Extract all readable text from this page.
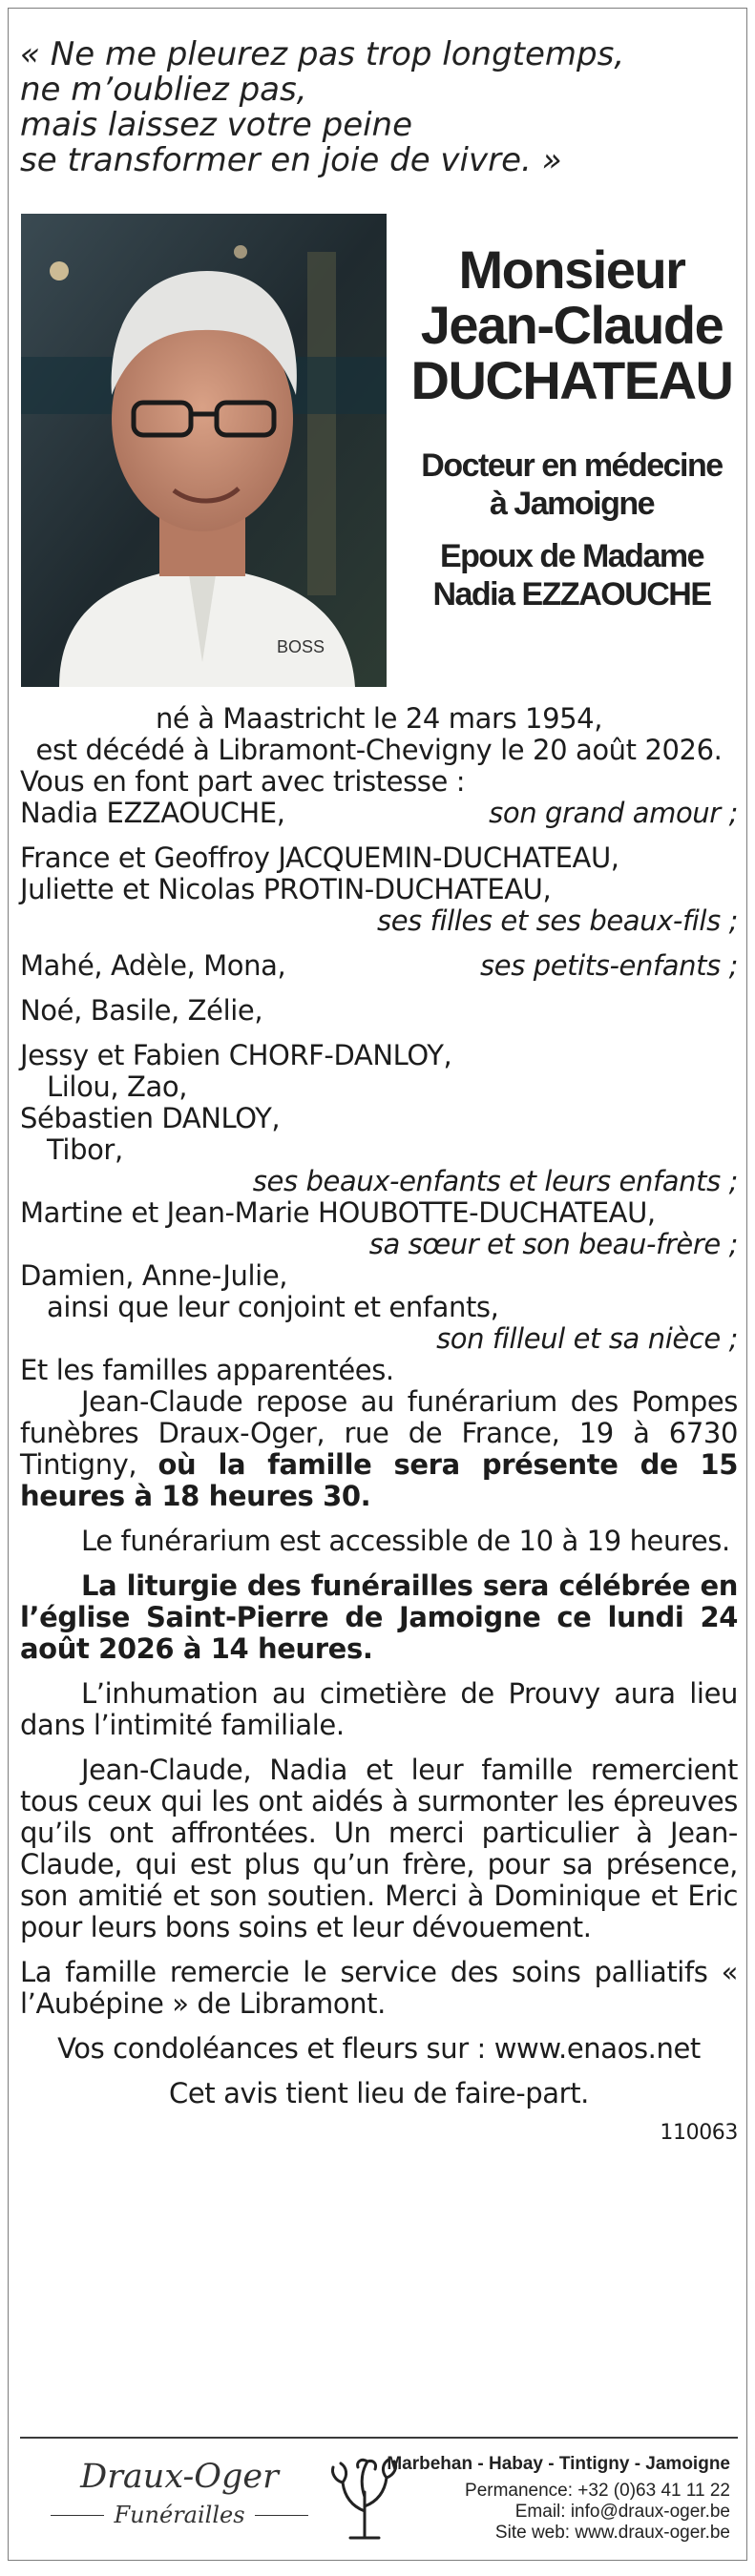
« Ne me pleurez pas trop longtemps,
ne m’oubliez pas,
mais laissez votre peine
se transformer en joie de vivre. »
BOSS
Monsieur
Jean-Claude
DUCHATEAU
Docteur en médecine
à Jamoigne
Epoux de Madame
Nadia EZZAOUCHE
né à Maastricht le 24 mars 1954,
est décédé à Libramont-Chevigny le 20 août 2026.
Vous en font part avec tristesse :
Nadia EZZAOUCHE,	son grand amour ;
France et Geoffroy JACQUEMIN-DUCHATEAU,
Juliette et Nicolas PROTIN-DUCHATEAU,
ses filles et ses beaux-fils ;
Mahé, Adèle, Mona,	ses petits-enfants ;
Noé, Basile, Zélie,
Jessy et Fabien CHORF-DANLOY,
Lilou, Zao,
Sébastien DANLOY,
Tibor,
ses beaux-enfants et leurs enfants ;
Martine et Jean-Marie HOUBOTTE-DUCHATEAU,
sa sœur et son beau-frère ;
Damien, Anne-Julie,
ainsi que leur conjoint et enfants,
son filleul et sa nièce ;
Et les familles apparentées.
Jean-Claude repose au funérarium des Pompes funèbres Draux-Oger, rue de France, 19 à 6730 Tintigny, où la famille sera présente de 15 heures à 18 heures 30.
Le funérarium est accessible de 10 à 19 heures.
La liturgie des funérailles sera célébrée en l’église Saint-Pierre de Jamoigne ce lundi 24 août 2026 à 14 heures.
L’inhumation au cimetière de Prouvy aura lieu dans l’intimité familiale.
Jean-Claude, Nadia et leur famille remercient tous ceux qui les ont aidés à surmonter les épreuves qu’ils ont affrontées. Un merci particulier à Jean-Claude, qui est plus qu’un frère, pour sa présence, son amitié et son soutien. Merci à Dominique et Eric pour leurs bons soins et leur dévouement.
La famille remercie le service des soins palliatifs « l’Aubépine » de Libramont.
Vos condoléances et fleurs sur : www.enaos.net
Cet avis tient lieu de faire-part.
110063
Draux-Oger
Funérailles
Marbehan - Habay - Tintigny - Jamoigne
Permanence: +32 (0)63 41 11 22
Email: info@draux-oger.be
Site web: www.draux-oger.be
